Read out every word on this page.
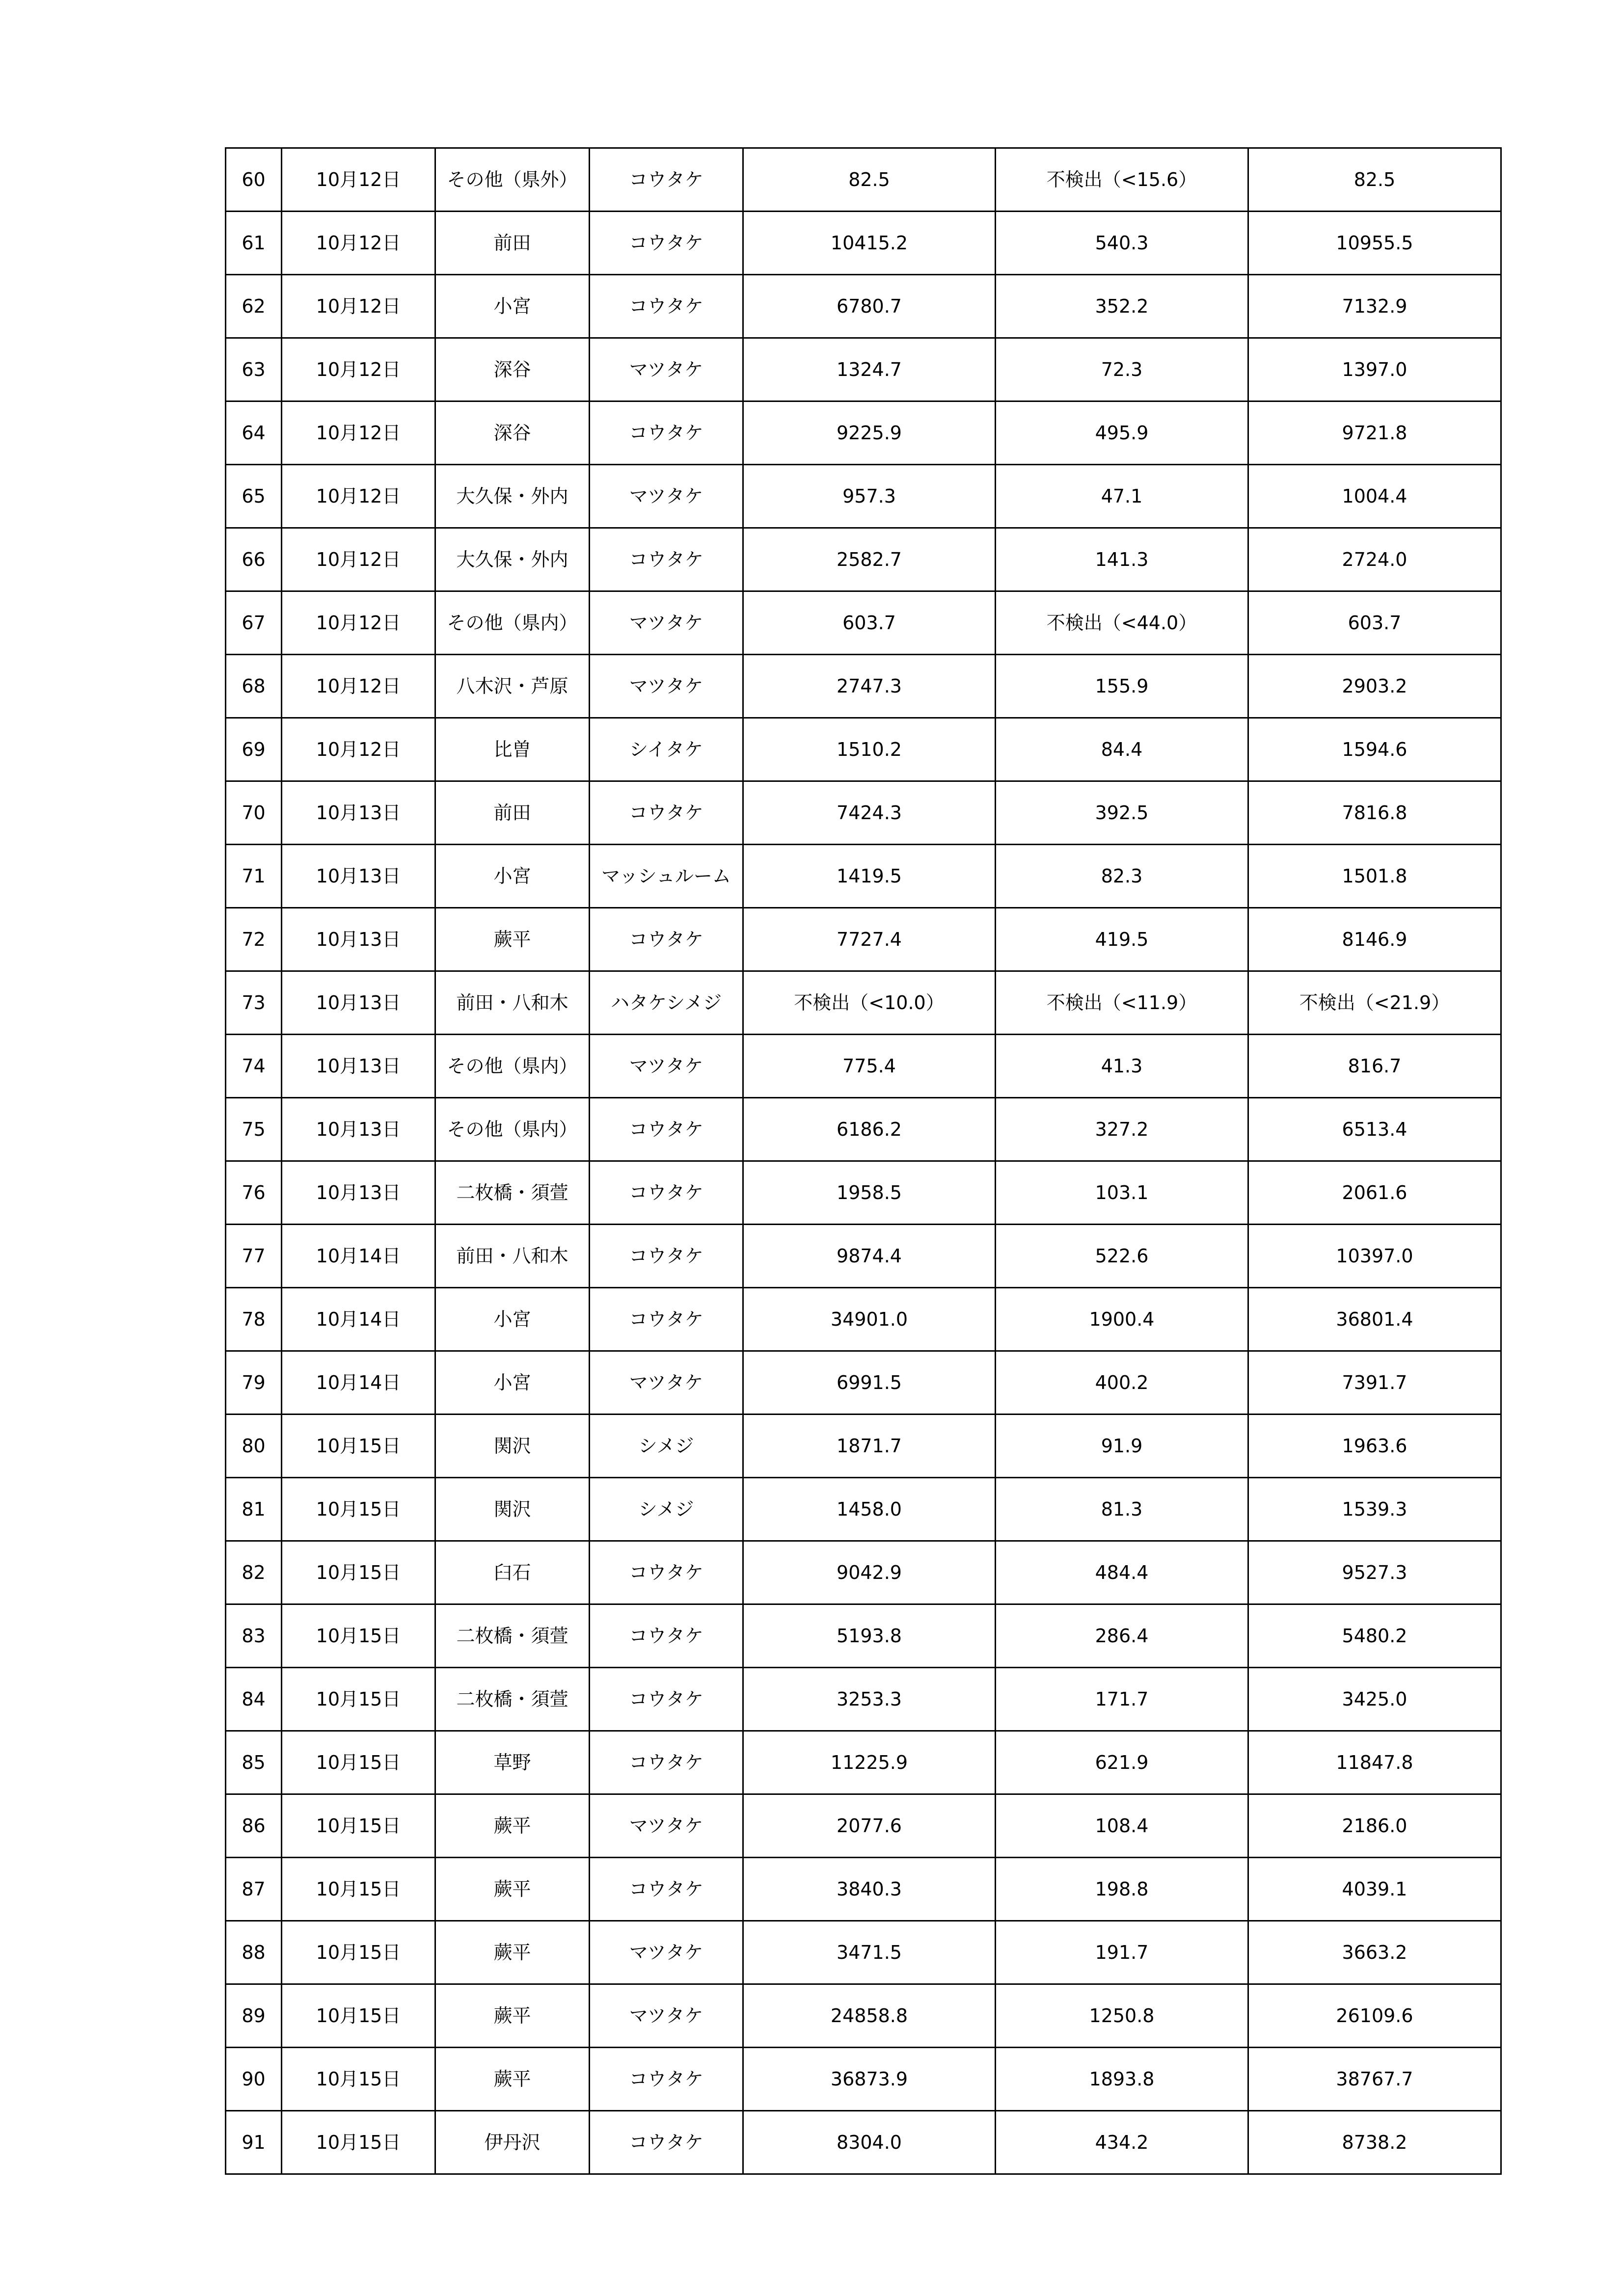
60	10月12日	その他（県外）	コウタケ	82.5	不検出（<15.6）	82.5
61	10月12日	前田	コウタケ	10415.2	540.3	10955.5
62	10月12日	小宮	コウタケ	6780.7	352.2	7132.9
63	10月12日	深谷	マツタケ	1324.7	72.3	1397.0
64	10月12日	深谷	コウタケ	9225.9	495.9	9721.8
65	10月12日	大久保・外内	マツタケ	957.3	47.1	1004.4
66	10月12日	大久保・外内	コウタケ	2582.7	141.3	2724.0
67	10月12日	その他（県内）	マツタケ	603.7	不検出（<44.0）	603.7
68	10月12日	八木沢・芦原	マツタケ	2747.3	155.9	2903.2
69	10月12日	比曽	シイタケ	1510.2	84.4	1594.6
70	10月13日	前田	コウタケ	7424.3	392.5	7816.8
71	10月13日	小宮	マッシュルーム	1419.5	82.3	1501.8
72	10月13日	蕨平	コウタケ	7727.4	419.5	8146.9
73	10月13日	前田・八和木	ハタケシメジ	不検出（<10.0）	不検出（<11.9）	不検出（<21.9）
74	10月13日	その他（県内）	マツタケ	775.4	41.3	816.7
75	10月13日	その他（県内）	コウタケ	6186.2	327.2	6513.4
76	10月13日	二枚橋・須萱	コウタケ	1958.5	103.1	2061.6
77	10月14日	前田・八和木	コウタケ	9874.4	522.6	10397.0
78	10月14日	小宮	コウタケ	34901.0	1900.4	36801.4
79	10月14日	小宮	マツタケ	6991.5	400.2	7391.7
80	10月15日	関沢	シメジ	1871.7	91.9	1963.6
81	10月15日	関沢	シメジ	1458.0	81.3	1539.3
82	10月15日	臼石	コウタケ	9042.9	484.4	9527.3
83	10月15日	二枚橋・須萱	コウタケ	5193.8	286.4	5480.2
84	10月15日	二枚橋・須萱	コウタケ	3253.3	171.7	3425.0
85	10月15日	草野	コウタケ	11225.9	621.9	11847.8
86	10月15日	蕨平	マツタケ	2077.6	108.4	2186.0
87	10月15日	蕨平	コウタケ	3840.3	198.8	4039.1
88	10月15日	蕨平	マツタケ	3471.5	191.7	3663.2
89	10月15日	蕨平	マツタケ	24858.8	1250.8	26109.6
90	10月15日	蕨平	コウタケ	36873.9	1893.8	38767.7
91	10月15日	伊丹沢	コウタケ	8304.0	434.2	8738.2
